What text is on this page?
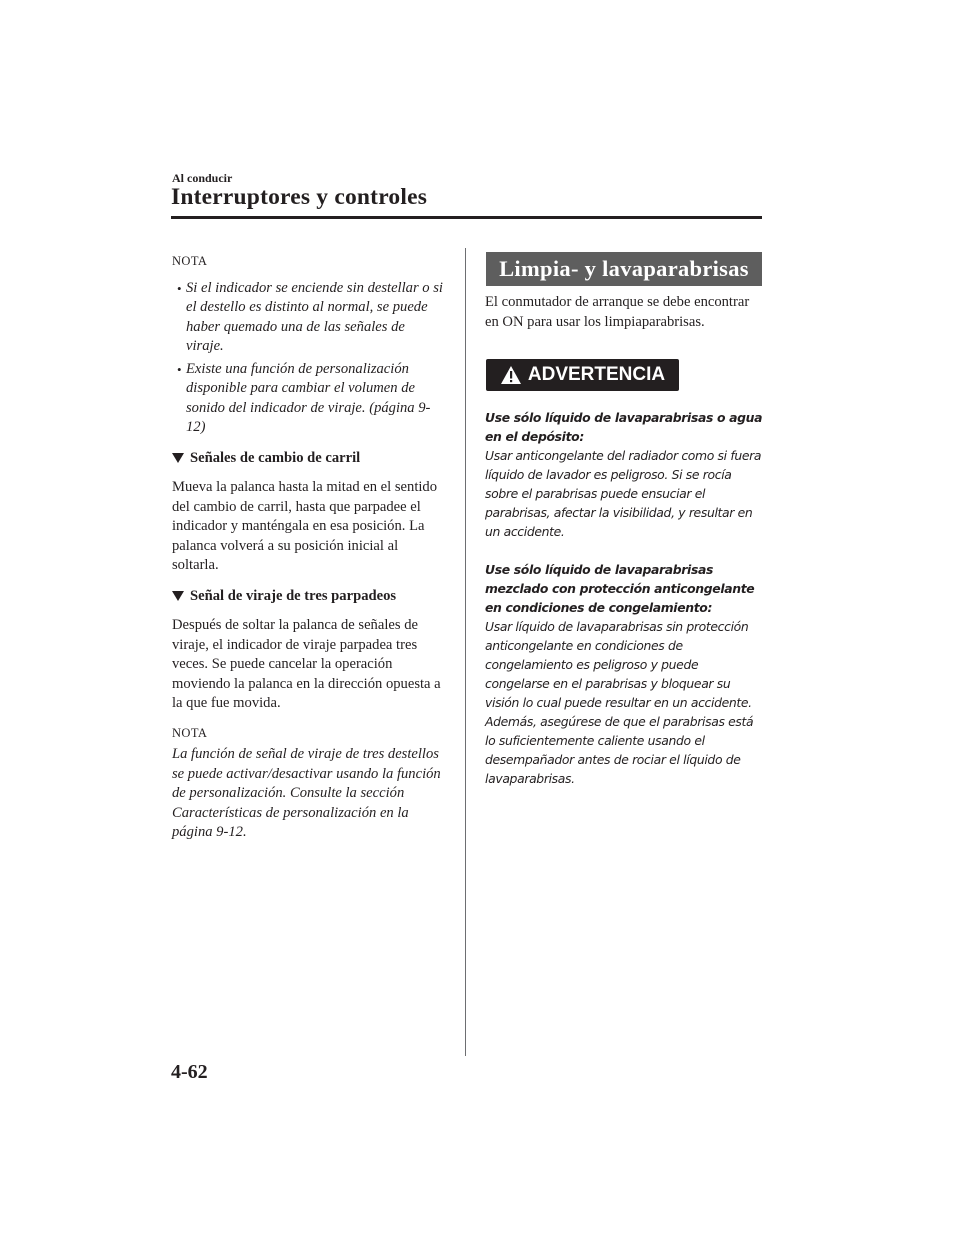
Al conducir
Interruptores y controles
NOTA
• Si el indicador se enciende sin destellar o si el destello es distinto al normal, se puede haber quemado una de las señales de viraje.
• Existe una función de personalización disponible para cambiar el volumen de sonido del indicador de viraje. (página 9-12)
Señales de cambio de carril
Mueva la palanca hasta la mitad en el sentido del cambio de carril, hasta que parpadee el indicador y manténgala en esa posición. La palanca volverá a su posición inicial al soltarla.
Señal de viraje de tres parpadeos
Después de soltar la palanca de señales de viraje, el indicador de viraje parpadea tres veces. Se puede cancelar la operación moviendo la palanca en la dirección opuesta a la que fue movida.
NOTA
La función de señal de viraje de tres destellos se puede activar/desactivar usando la función de personalización. Consulte la sección Características de personalización en la página 9-12.
Limpia- y lavaparabrisas
El conmutador de arranque se debe encontrar en ON para usar los limpiaparabrisas.
ADVERTENCIA
Use sólo líquido de lavaparabrisas o agua en el depósito:
Usar anticongelante del radiador como si fuera líquido de lavador es peligroso. Si se rocía sobre el parabrisas puede ensuciar el parabrisas, afectar la visibilidad, y resultar en un accidente.
Use sólo líquido de lavaparabrisas mezclado con protección anticongelante en condiciones de congelamiento:
Usar líquido de lavaparabrisas sin protección anticongelante en condiciones de congelamiento es peligroso y puede congelarse en el parabrisas y bloquear su visión lo cual puede resultar en un accidente. Además, asegúrese de que el parabrisas está lo suficientemente caliente usando el desempañador antes de rociar el líquido de lavaparabrisas.
4-62
